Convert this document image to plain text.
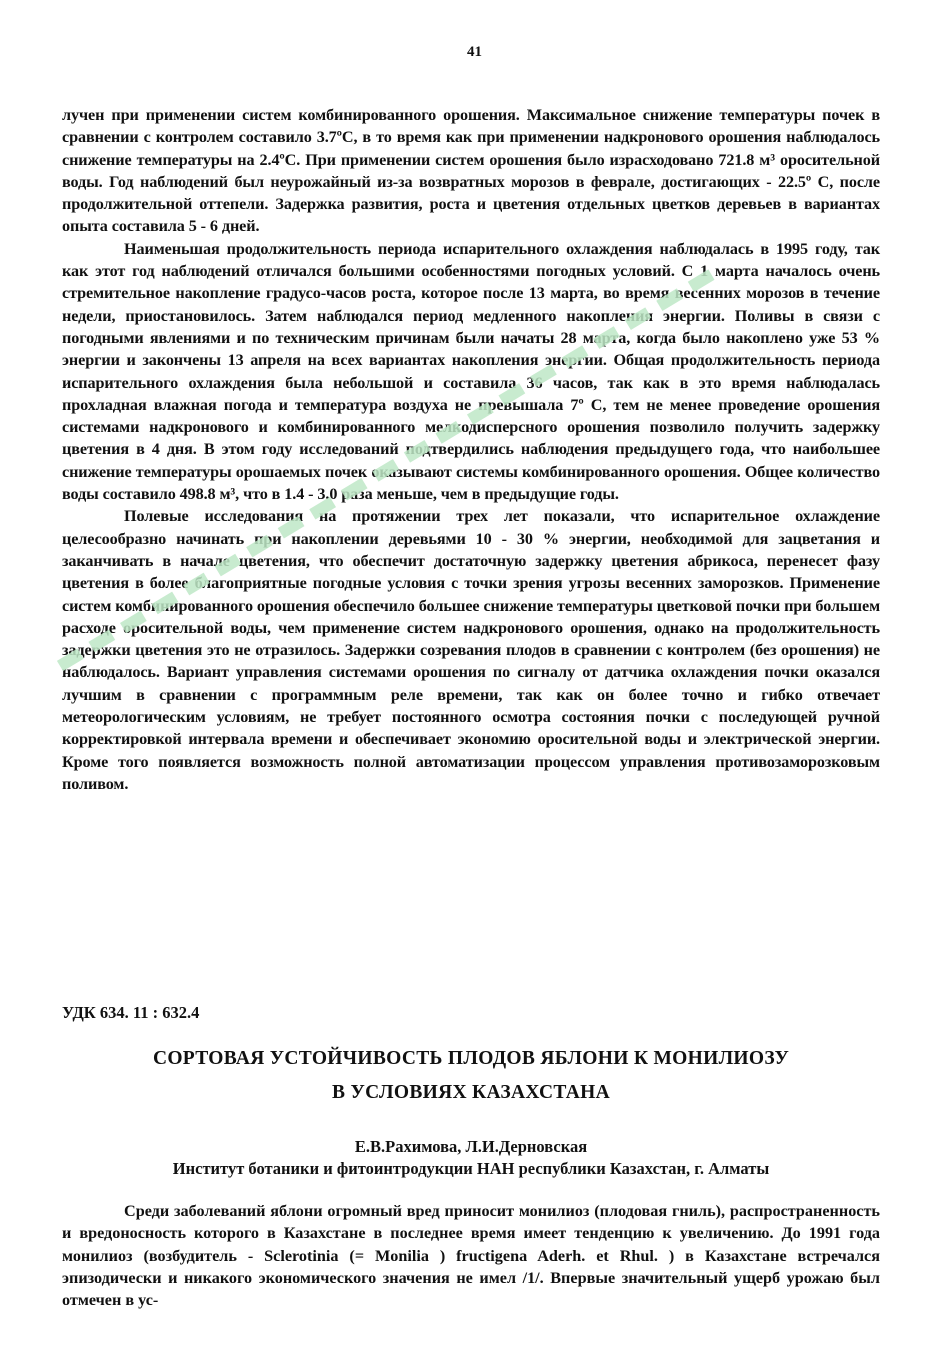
41

лучен при применении систем комбинированного орошения. Максимальное снижение температуры почек в сравнении с контролем составило 3.7ºС, в то время как при применении надкронового орошения наблюдалось снижение температуры на 2.4ºС. При применении систем орошения было израсходовано 721.8 м³ оросительной воды. Год наблюдений был неурожайный из-за возвратных морозов в феврале, достигающих - 22.5º С, после продолжительной оттепели. Задержка развития, роста и цветения отдельных цветков деревьев в вариантах опыта составила 5 - 6 дней.

Наименьшая продолжительность периода испарительного охлаждения наблюдалась в 1995 году, так как этот год наблюдений отличался большими особенностями погодных условий. С 1 марта началось очень стремительное накопление градусо-часов роста, которое после 13 марта, во время весенних морозов в течение недели, приостановилось. Затем наблюдался период медленного накопления энергии. Поливы в связи с погодными явлениями и по техническим причинам были начаты 28 марта, когда было накоплено уже 53 % энергии и закончены 13 апреля на всех вариантах накопления энергии. Общая продолжительность периода испарительного охлаждения была небольшой и составила 36 часов, так как в это время наблюдалась прохладная влажная погода и температура воздуха не превышала 7º С, тем не менее проведение орошения системами надкронового и комбинированного мелкодисперсного орошения позволило получить задержку цветения в 4 дня. В этом году исследований подтвердились наблюдения предыдущего года, что наибольшее снижение температуры орошаемых почек оказывают системы комбинированного орошения. Общее количество воды составило 498.8 м³, что в 1.4 - 3.0 раза меньше, чем в предыдущие годы.

Полевые исследования на протяжении трех лет показали, что испарительное охлаждение целесообразно начинать при накоплении деревьями 10 - 30 % энергии, необходимой для зацветания и заканчивать в начале цветения, что обеспечит достаточную задержку цветения абрикоса, перенесет фазу цветения в более благоприятные погодные условия с точки зрения угрозы весенних заморозков. Применение систем комбинированного орошения обеспечило большее снижение температуры цветковой почки при большем расходе оросительной воды, чем применение систем надкронового орошения, однако на продолжительность задержки цветения это не отразилось. Задержки созревания плодов в сравнении с контролем (без орошения) не наблюдалось. Вариант управления системами орошения по сигналу от датчика охлаждения почки оказался лучшим в сравнении с программным реле времени, так как он более точно и гибко отвечает метеорологическим условиям, не требует постоянного осмотра состояния почки с последующей ручной корректировкой интервала времени и обеспечивает экономию оросительной воды и электрической энергии. Кроме того появляется возможность полной автоматизации процессом управления противозаморозковым поливом.

УДК 634. 11 : 632.4
СОРТОВАЯ УСТОЙЧИВОСТЬ ПЛОДОВ ЯБЛОНИ К МОНИЛИОЗУ
В УСЛОВИЯХ КАЗАХСТАНА
Е.В.Рахимова, Л.И.Дерновская
Институт ботаники и фитоинтродукции НАН республики Казахстан, г. Алматы

Среди заболеваний яблони огромный вред приносит монилиоз (плодовая гниль), распространенность и вредоносность которого в Казахстане в последнее время имеет тенденцию к увеличению. До 1991 года монилиоз (возбудитель - Sclerotinia (= Monilia ) fructigena Aderh. et Rhul. ) в Казахстане встречался эпизодически и никакого экономического значения не имел /1/. Впервые значительный ущерб урожаю был отмечен в ус-
